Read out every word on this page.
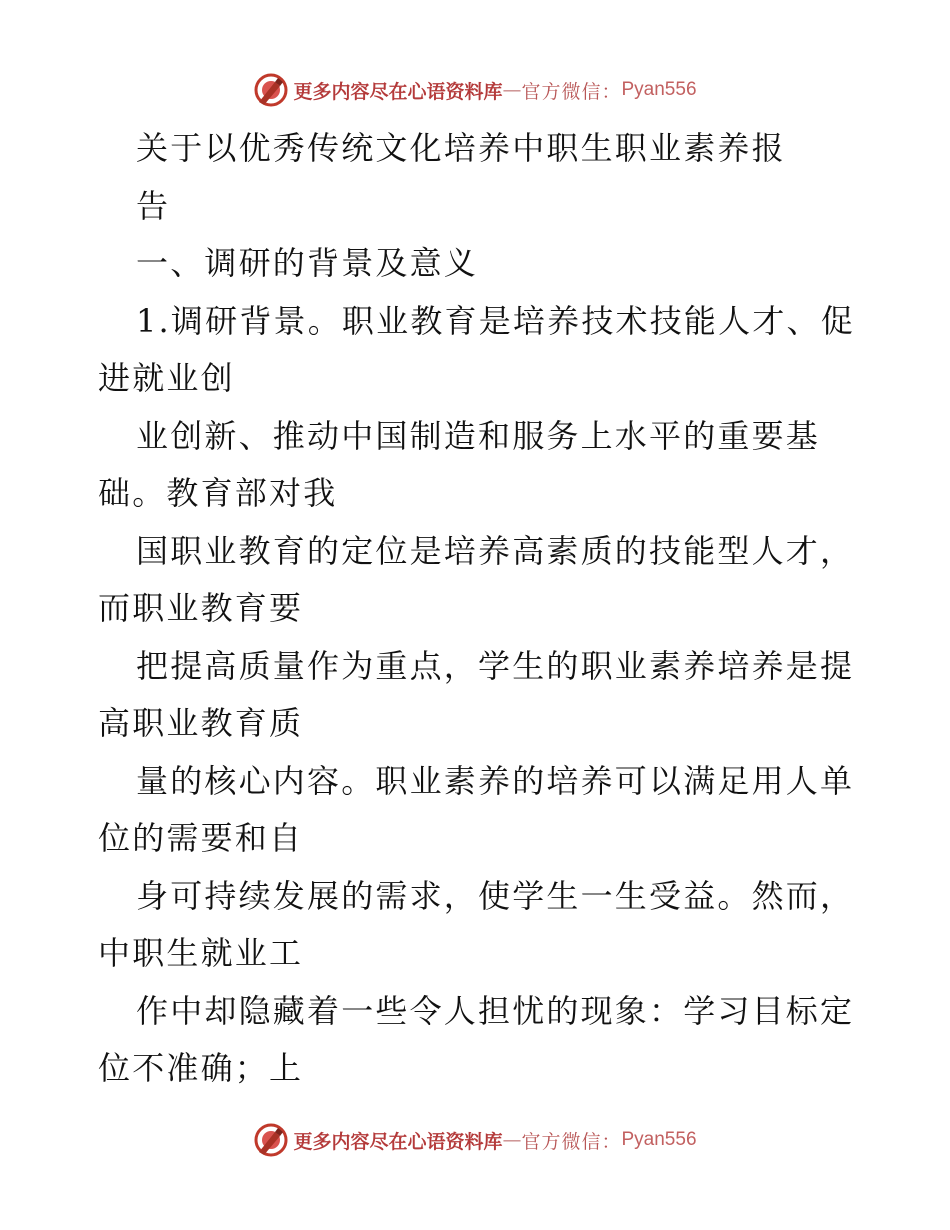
更多内容尽在心语资料库 — 官方微信： Pyan556
关于以优秀传统文化培养中职生职业素养报
告
一、调研的背景及意义
1.调研背景。职业教育是培养技术技能人才、促
进就业创
业创新、推动中国制造和服务上水平的重要基
础。教育部对我
国职业教育的定位是培养高素质的技能型人才，
而职业教育要
把提高质量作为重点，学生的职业素养培养是提
高职业教育质
量的核心内容。职业素养的培养可以满足用人单
位的需要和自
身可持续发展的需求，使学生一生受益。然而，
中职生就业工
作中却隐藏着一些令人担忧的现象：学习目标定
位不准确；上
更多内容尽在心语资料库 — 官方微信： Pyan556
